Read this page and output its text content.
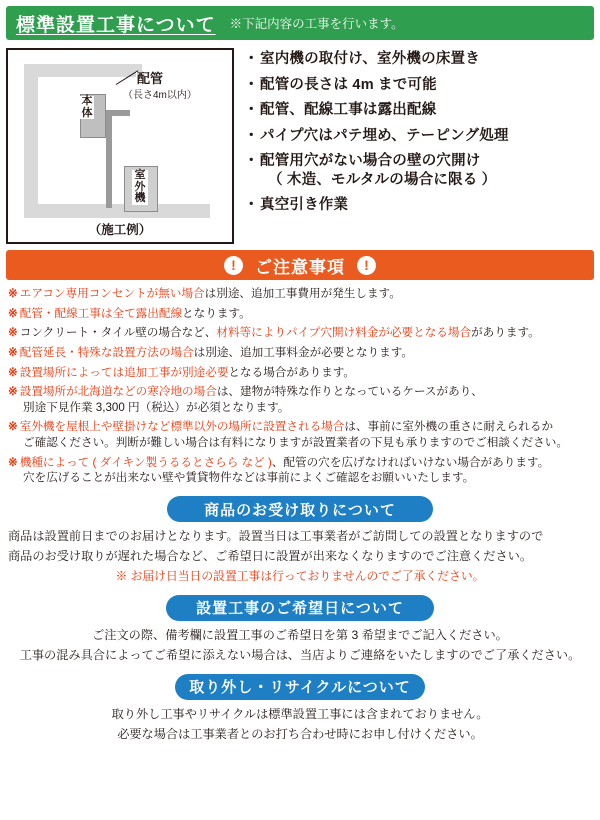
標準設置工事について ※下記内容の工事を行います。
配管
（長さ4m以内）
本体
室外機
（施工例）
・ 室内機の取付け、室外機の床置き
・ 配管の長さは 4m まで可能
・ 配管、配線工事は露出配線
・ パイプ穴はパテ埋め、テーピング処理
・ 配管用穴がない場合の壁の穴開け
（ 木造、モルタルの場合に限る ）
・ 真空引き作業
!	ご注意事項	!
※ エアコン専用コンセントが無い場合は別途、追加工事費用が発生します。
※ 配管・配線工事は全て露出配線となります。
※ コンクリート・タイル壁の場合など、材料等によりパイプ穴開け料金が必要となる場合があります。
※ 配管延長・特殊な設置方法の場合は別途、追加工事料金が必要となります。
※ 設置場所によっては追加工事が別途必要となる場合があります。
※ 設置場所が北海道などの寒冷地の場合は、建物が特殊な作りとなっているケースがあり、
別途下見作業 3,300 円（税込）が必須となります。
※ 室外機を屋根上や壁掛けなど標準以外の場所に設置される場合は、事前に室外機の重さに耐えられるか
ご確認ください。判断が難しい場合は有料になりますが設置業者の下見も承りますのでご相談ください。
※ 機種によって ( ダイキン製うるるとさらら など )、配管の穴を広げなければいけない場合があります。
穴を広げることが出来ない壁や賃貸物件などは事前によくご確認をお願いいたします。
商品のお受け取りについて

商品は設置前日までのお届けとなります。設置当日は工事業者がご訪問しての設置となりますので

商品のお受け取りが遅れた場合など、ご希望日に設置が出来なくなりますのでご注意ください。

※ お届け日当日の設置工事は行っておりませんのでご了承ください。

設置工事のご希望日について

ご注文の際、備考欄に設置工事のご希望日を第 3 希望までご記入ください。

工事の混み具合によってご希望に添えない場合は、当店よりご連絡をいたしますのでご了承ください。

取り外し・リサイクルについて

取り外し工事やリサイクルは標準設置工事には含まれておりません。

必要な場合は工事業者とのお打ち合わせ時にお申し付けください。
